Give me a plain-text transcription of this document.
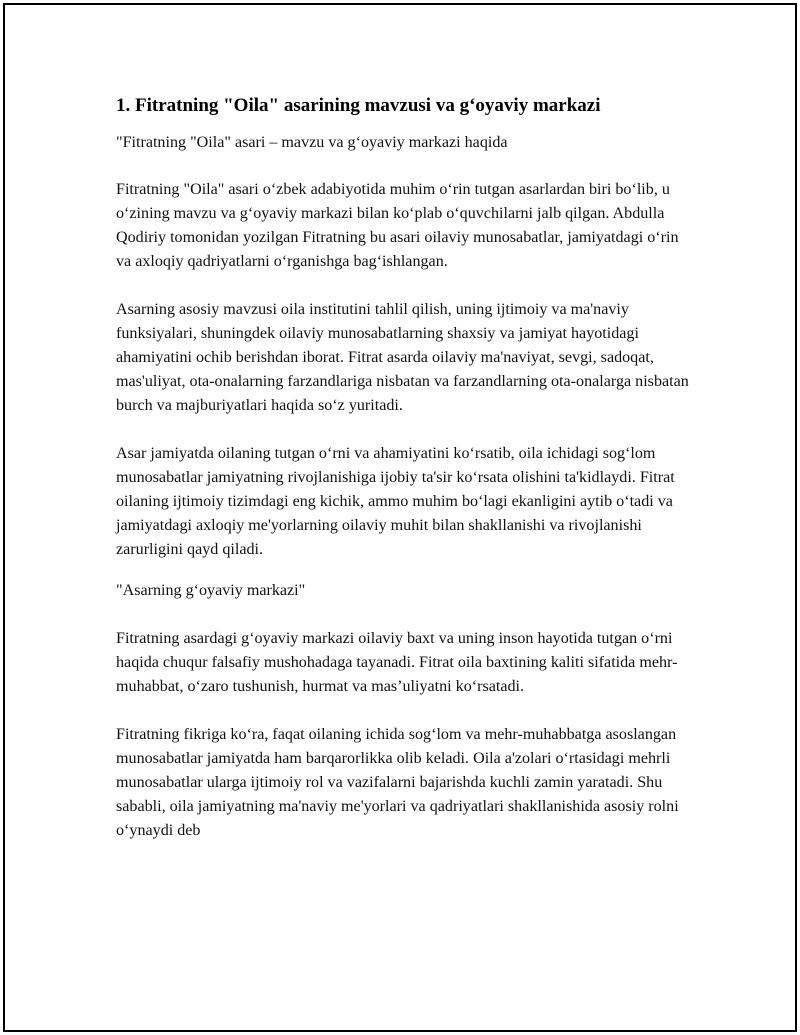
1. Fitratning "Oila" asarining mavzusi va g‘oyaviy markazi

"Fitratning "Oila" asari – mavzu va g‘oyaviy markazi haqida

Fitratning "Oila" asari o‘zbek adabiyotida muhim o‘rin tutgan asarlardan biri bo‘lib, u o‘zining mavzu va g‘oyaviy markazi bilan ko‘plab o‘quvchilarni jalb qilgan. Abdulla Qodiriy tomonidan yozilgan Fitratning bu asari oilaviy munosabatlar, jamiyatdagi o‘rin va axloqiy qadriyatlarni o‘rganishga bag‘ishlangan.

Asarning asosiy mavzusi oila institutini tahlil qilish, uning ijtimoiy va ma'naviy funksiyalari, shuningdek oilaviy munosabatlarning shaxsiy va jamiyat hayotidagi ahamiyatini ochib berishdan iborat. Fitrat asarda oilaviy ma'naviyat, sevgi, sadoqat, mas'uliyat, ota-onalarning farzandlariga nisbatan va farzandlarning ota-onalarga nisbatan burch va majburiyatlari haqida so‘z yuritadi.

Asar jamiyatda oilaning tutgan o‘rni va ahamiyatini ko‘rsatib, oila ichidagi sog‘lom munosabatlar jamiyatning rivojlanishiga ijobiy ta'sir ko‘rsata olishini ta'kidlaydi. Fitrat oilaning ijtimoiy tizimdagi eng kichik, ammo muhim bo‘lagi ekanligini aytib o‘tadi va jamiyatdagi axloqiy me'yorlarning oilaviy muhit bilan shakllanishi va rivojlanishi zarurligini qayd qiladi.

"Asarning g‘oyaviy markazi"

Fitratning asardagi g‘oyaviy markazi oilaviy baxt va uning inson hayotida tutgan o‘rni haqida chuqur falsafiy mushohadaga tayanadi. Fitrat oila baxtining kaliti sifatida mehr-muhabbat, o‘zaro tushunish, hurmat va mas’uliyatni ko‘rsatadi.

Fitratning fikriga ko‘ra, faqat oilaning ichida sog‘lom va mehr-muhabbatga asoslangan munosabatlar jamiyatda ham barqarorlikka olib keladi. Oila a'zolari o‘rtasidagi mehrli munosabatlar ularga ijtimoiy rol va vazifalarni bajarishda kuchli zamin yaratadi. Shu sababli, oila jamiyatning ma'naviy me'yorlari va qadriyatlari shakllanishida asosiy rolni o‘ynaydi deb
